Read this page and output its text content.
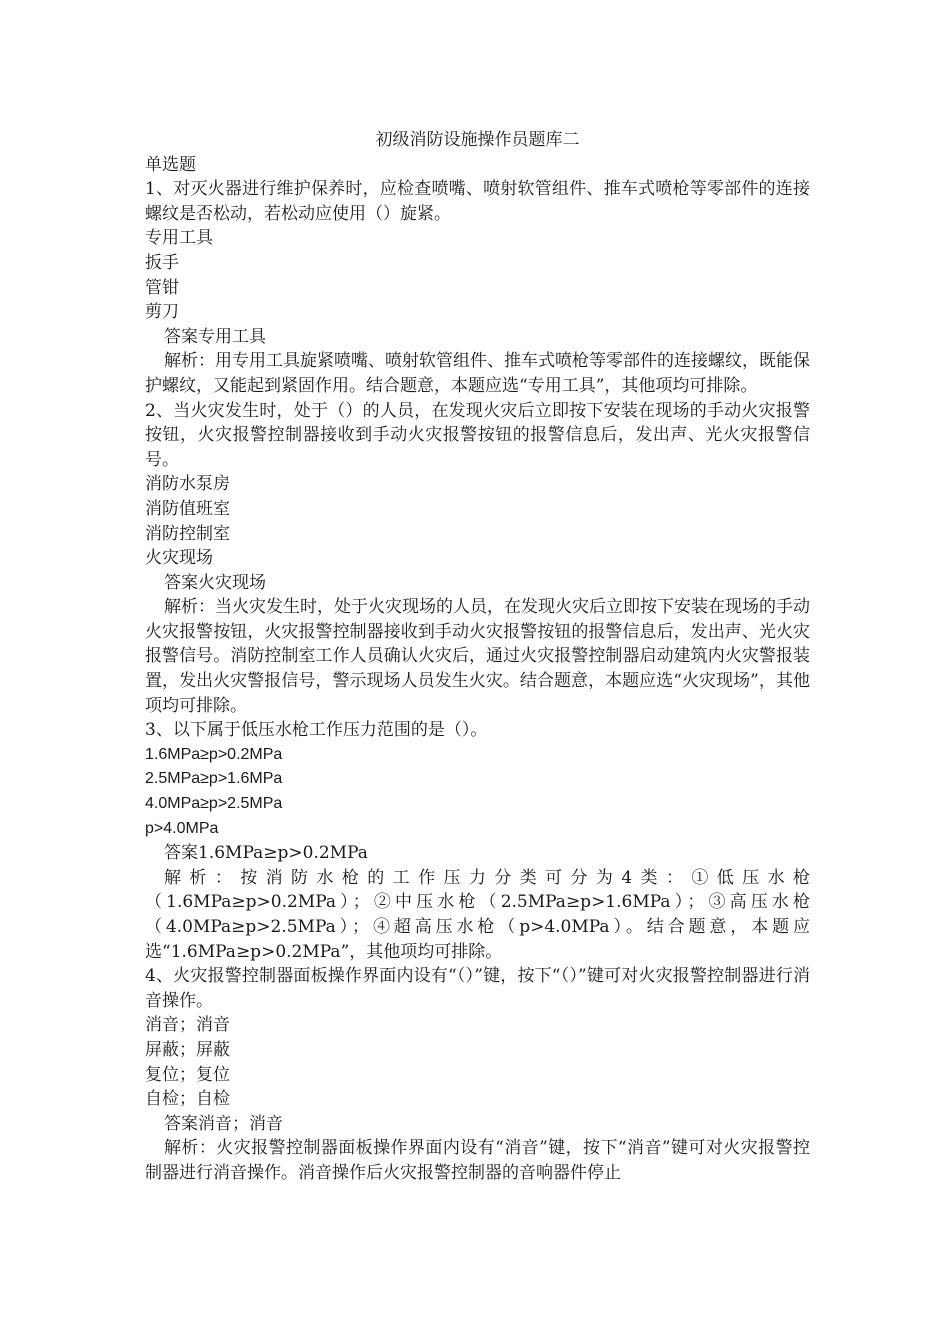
初级消防设施操作员题库二

单选题

1、对灭火器进行维护保养时，应检查喷嘴、喷射软管组件、推车式喷枪等零部件的连接螺纹是否松动，若松动应使用（）旋紧。

专用工具

扳手

管钳

剪刀

答案专用工具

解析：用专用工具旋紧喷嘴、喷射软管组件、推车式喷枪等零部件的连接螺纹，既能保护螺纹，又能起到紧固作用。结合题意，本题应选“专用工具”，其他项均可排除。

2、当火灾发生时，处于（）的人员，在发现火灾后立即按下安装在现场的手动火灾报警按钮，火灾报警控制器接收到手动火灾报警按钮的报警信息后，发出声、光火灾报警信号。

消防水泵房

消防值班室

消防控制室

火灾现场

答案火灾现场

解析：当火灾发生时，处于火灾现场的人员，在发现火灾后立即按下安装在现场的手动火灾报警按钮，火灾报警控制器接收到手动火灾报警按钮的报警信息后，发出声、光火灾报警信号。消防控制室工作人员确认火灾后，通过火灾报警控制器启动建筑内火灾警报装置，发出火灾警报信号，警示现场人员发生火灾。结合题意，本题应选“火灾现场”，其他项均可排除。

3、以下属于低压水枪工作压力范围的是（）。

1.6MPa≥p>0.2MPa

2.5MPa≥p>1.6MPa

4.0MPa≥p>2.5MPa

p>4.0MPa

答案1.6MPa≥p>0.2MPa

解析：按消防水枪的工作压力分类可分为4类：①低压水枪（1.6MPa≥p>0.2MPa）；②中压水枪（2.5MPa≥p>1.6MPa）；③高压水枪（4.0MPa≥p>2.5MPa）；④超高压水枪（p>4.0MPa）。结合题意，本题应选“1.6MPa≥p>0.2MPa”，其他项均可排除。

4、火灾报警控制器面板操作界面内设有“（）”键，按下“（）”键可对火灾报警控制器进行消音操作。

消音；消音

屏蔽；屏蔽

复位；复位

自检；自检

答案消音；消音

解析：火灾报警控制器面板操作界面内设有“消音”键，按下“消音”键可对火灾报警控制器进行消音操作。消音操作后火灾报警控制器的音响器件停止
